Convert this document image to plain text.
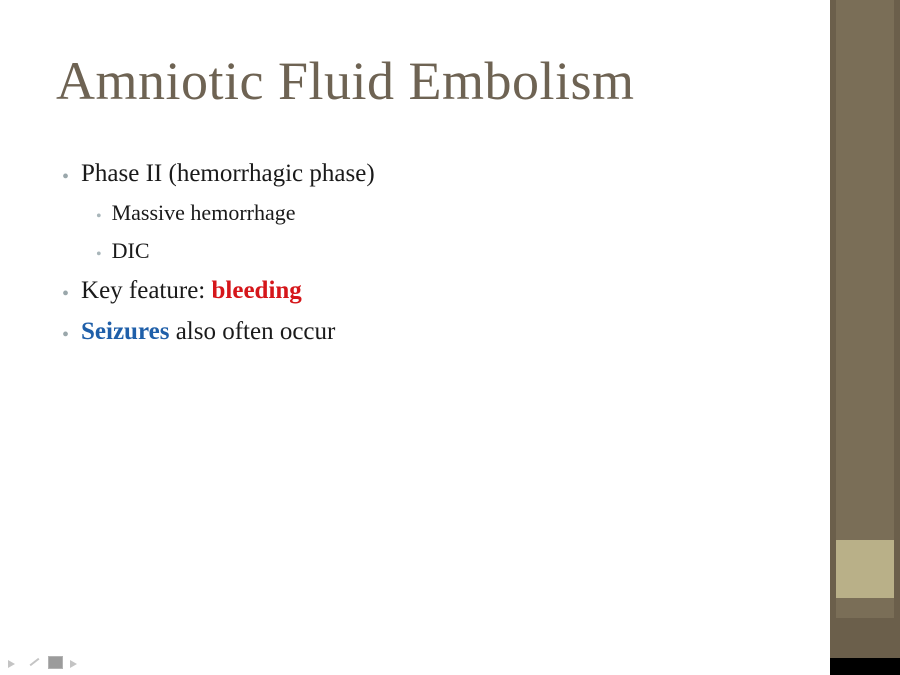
Amniotic Fluid Embolism
• Phase II (hemorrhagic phase)
• Massive hemorrhage
• DIC
• Key feature: bleeding
• Seizures also often occur
